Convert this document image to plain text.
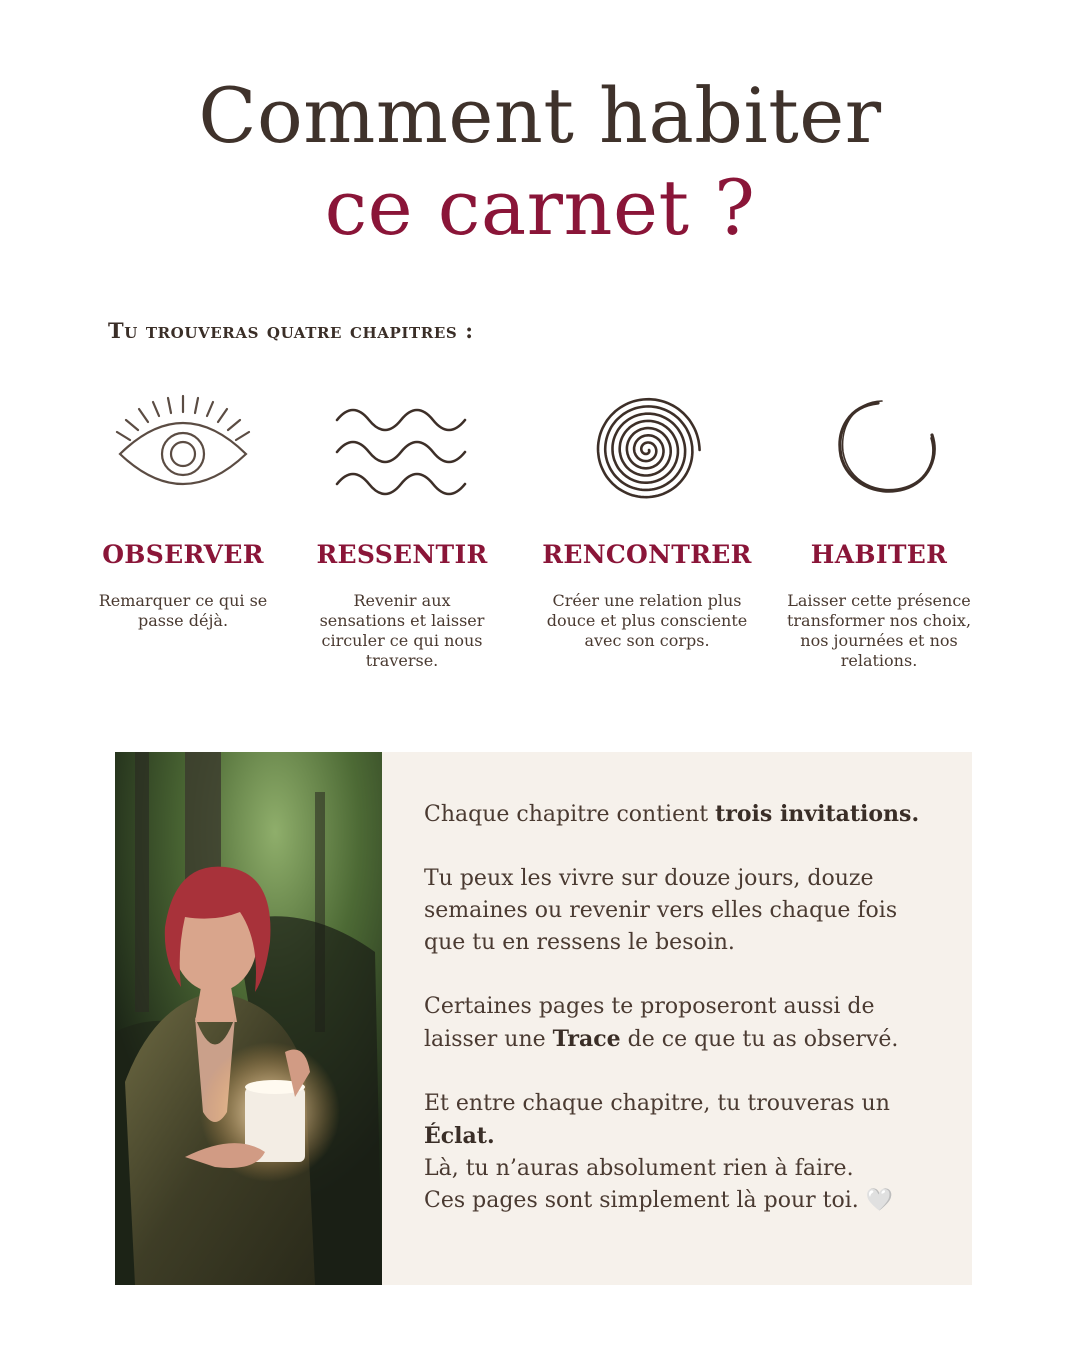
Comment habiter
ce carnet ?
Tu trouveras quatre chapitres :
OBSERVER
Remarquer ce qui se passe déjà.
RESSENTIR
Revenir aux sensations et laisser circuler ce qui nous traverse.
RENCONTRER
Créer une relation plus douce et plus consciente avec son corps.
HABITER
Laisser cette présence transformer nos choix, nos journées et nos relations.

Chaque chapitre contient trois invitations.

Tu peux les vivre sur douze jours, douze semaines ou revenir vers elles chaque fois que tu en ressens le besoin.

Certaines pages te proposeront aussi de laisser une Trace de ce que tu as observé.

Et entre chaque chapitre, tu trouveras un Éclat.
Là, tu n’auras absolument rien à faire.
Ces pages sont simplement là pour toi. 🤍
